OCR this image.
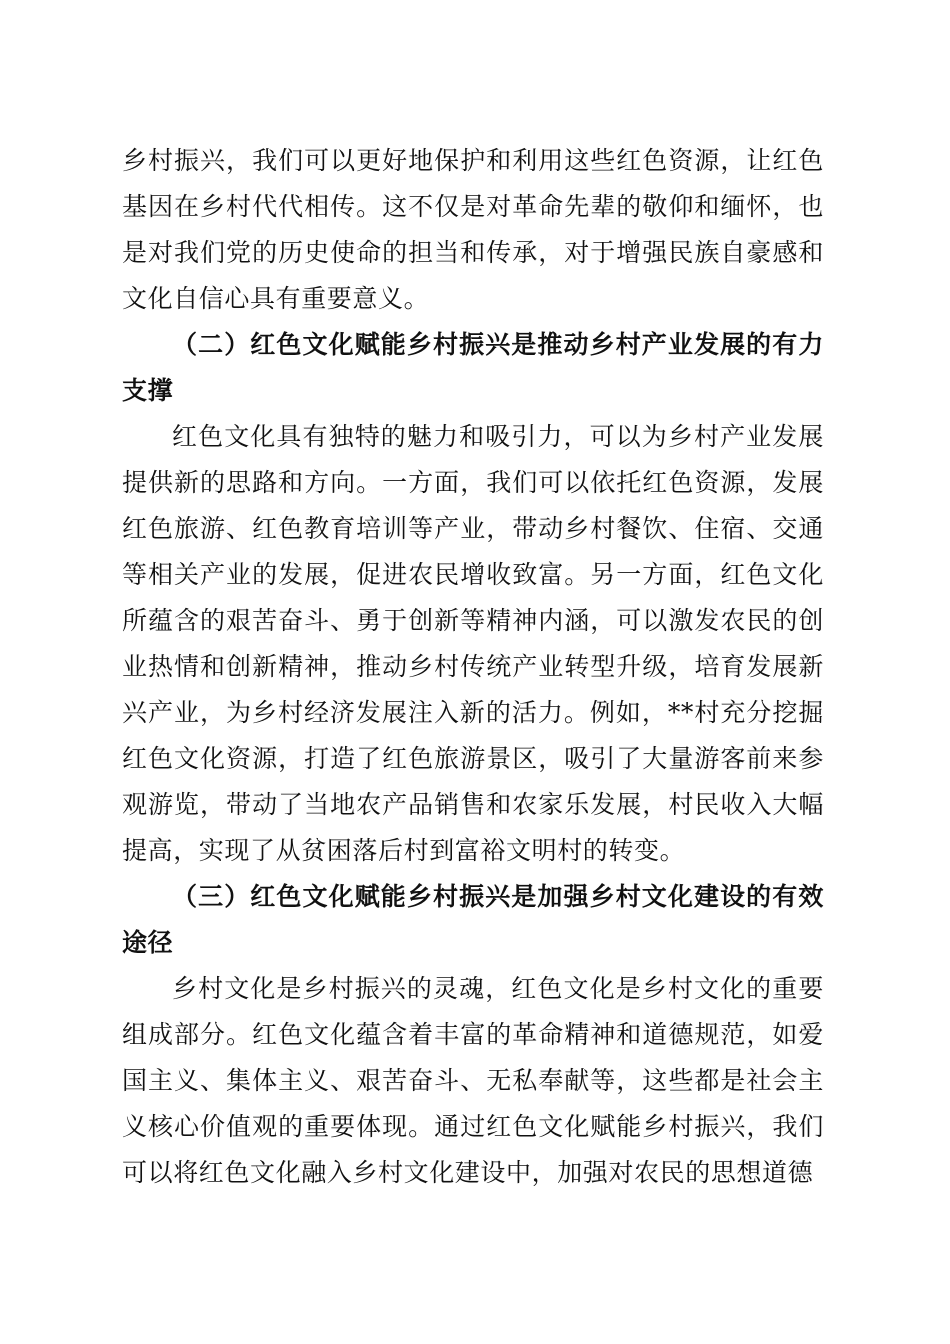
乡村振兴，我们可以更好地保护和利用这些红色资源，让红色基因在乡村代代相传。这不仅是对革命先辈的敬仰和缅怀，也是对我们党的历史使命的担当和传承，对于增强民族自豪感和文化自信心具有重要意义。

（二）红色文化赋能乡村振兴是推动乡村产业发展的有力支撑

红色文化具有独特的魅力和吸引力，可以为乡村产业发展提供新的思路和方向。一方面，我们可以依托红色资源，发展红色旅游、红色教育培训等产业，带动乡村餐饮、住宿、交通等相关产业的发展，促进农民增收致富。另一方面，红色文化所蕴含的艰苦奋斗、勇于创新等精神内涵，可以激发农民的创业热情和创新精神，推动乡村传统产业转型升级，培育发展新兴产业，为乡村经济发展注入新的活力。例如，**村充分挖掘红色文化资源，打造了红色旅游景区，吸引了大量游客前来参观游览，带动了当地农产品销售和农家乐发展，村民收入大幅提高，实现了从贫困落后村到富裕文明村的转变。

（三）红色文化赋能乡村振兴是加强乡村文化建设的有效途径

乡村文化是乡村振兴的灵魂，红色文化是乡村文化的重要组成部分。红色文化蕴含着丰富的革命精神和道德规范，如爱国主义、集体主义、艰苦奋斗、无私奉献等，这些都是社会主义核心价值观的重要体现。通过红色文化赋能乡村振兴，我们可以将红色文化融入乡村文化建设中，加强对农民的思想道德
